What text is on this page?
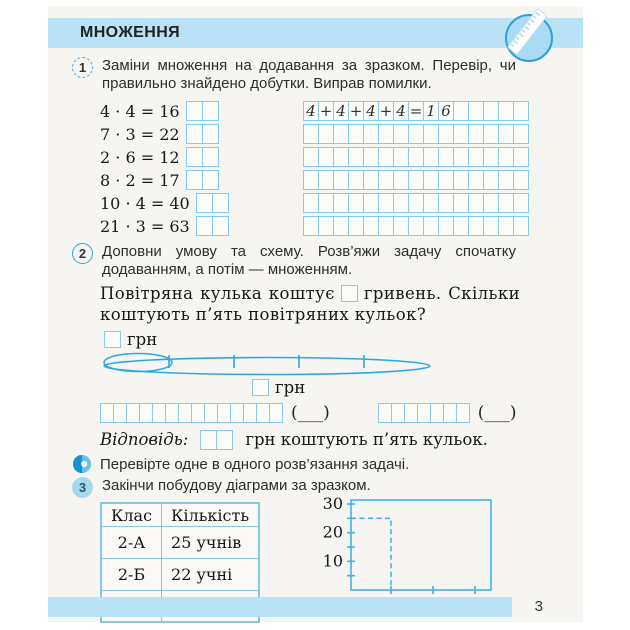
МНОЖЕННЯ
1	Заміни множення на додавання за зразком. Перевір, чи правильно знайдено добутки. Виправ помилки.

4 · 4 = 16	4 + 4 + 4 + 4 = 1 6
7 · 3 = 22
2 · 6 = 12
8 · 2 = 17
10 · 4 = 40
21 · 3 = 63
2	Доповни умову та схему. Розв’яжи задачу спочатку додаванням, а потім — множенням.

Повітряна кулька коштує гривень. Скільки коштують п’ять повітряних кульок?

грн
грн
(___)	(___)
Відповідь:	грн коштують п’ять кульок.

Перевірте одне в одного розв’язання задачі.

3	Закінчи побудову діаграми за зразком.

Клас	Кількість
2-А	25 учнів
2-Б	22 учні

30
20
10
3
